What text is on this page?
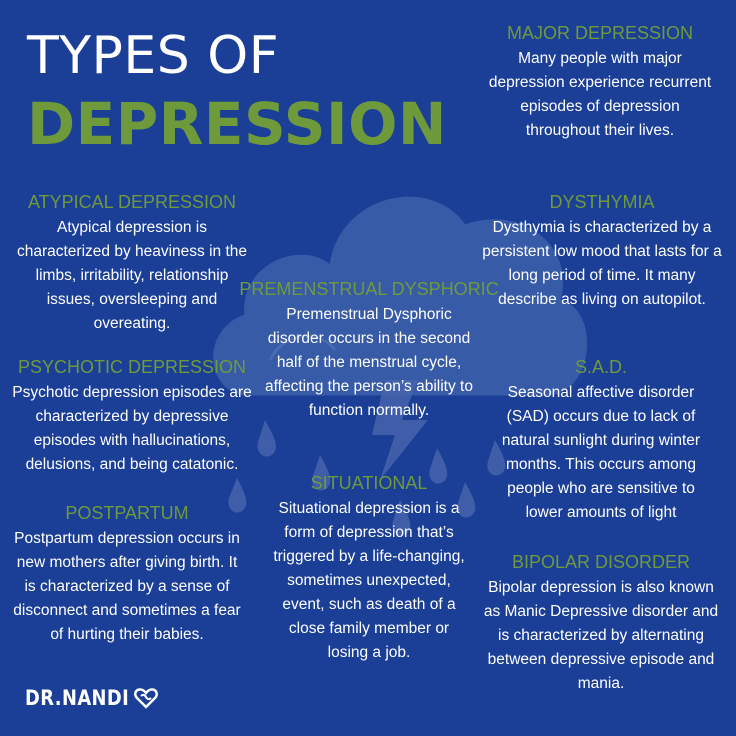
TYPES OF
DEPRESSION
MAJOR DEPRESSION

Many people with major depression experience recurrent episodes of depression throughout their lives.

ATYPICAL DEPRESSION

Atypical depression is characterized by heaviness in the limbs, irritability, relationship issues, oversleeping and overeating.

DYSTHYMIA

Dysthymia is characterized by a persistent low mood that lasts for a long period of time. It many describe as living on autopilot.

PREMENSTRUAL DYSPHORIC

Premenstrual Dysphoric disorder occurs in the second half of the menstrual cycle, affecting the person’s ability to function normally.

PSYCHOTIC DEPRESSION

Psychotic depression episodes are characterized by depressive episodes with hallucinations, delusions, and being catatonic.

S.A.D.

Seasonal affective disorder (SAD) occurs due to lack of natural sunlight during winter months. This occurs among people who are sensitive to lower amounts of light

SITUATIONAL

Situational depression is a form of depression that’s triggered by a life-changing, sometimes unexpected, event, such as death of a close family member or losing a job.

POSTPARTUM

Postpartum depression occurs in new mothers after giving birth. It is characterized by a sense of disconnect and sometimes a fear of hurting their babies.

BIPOLAR DISORDER

Bipolar depression is also known as Manic Depressive disorder and is characterized by alternating between depressive episode and mania.

DR.NANDI
